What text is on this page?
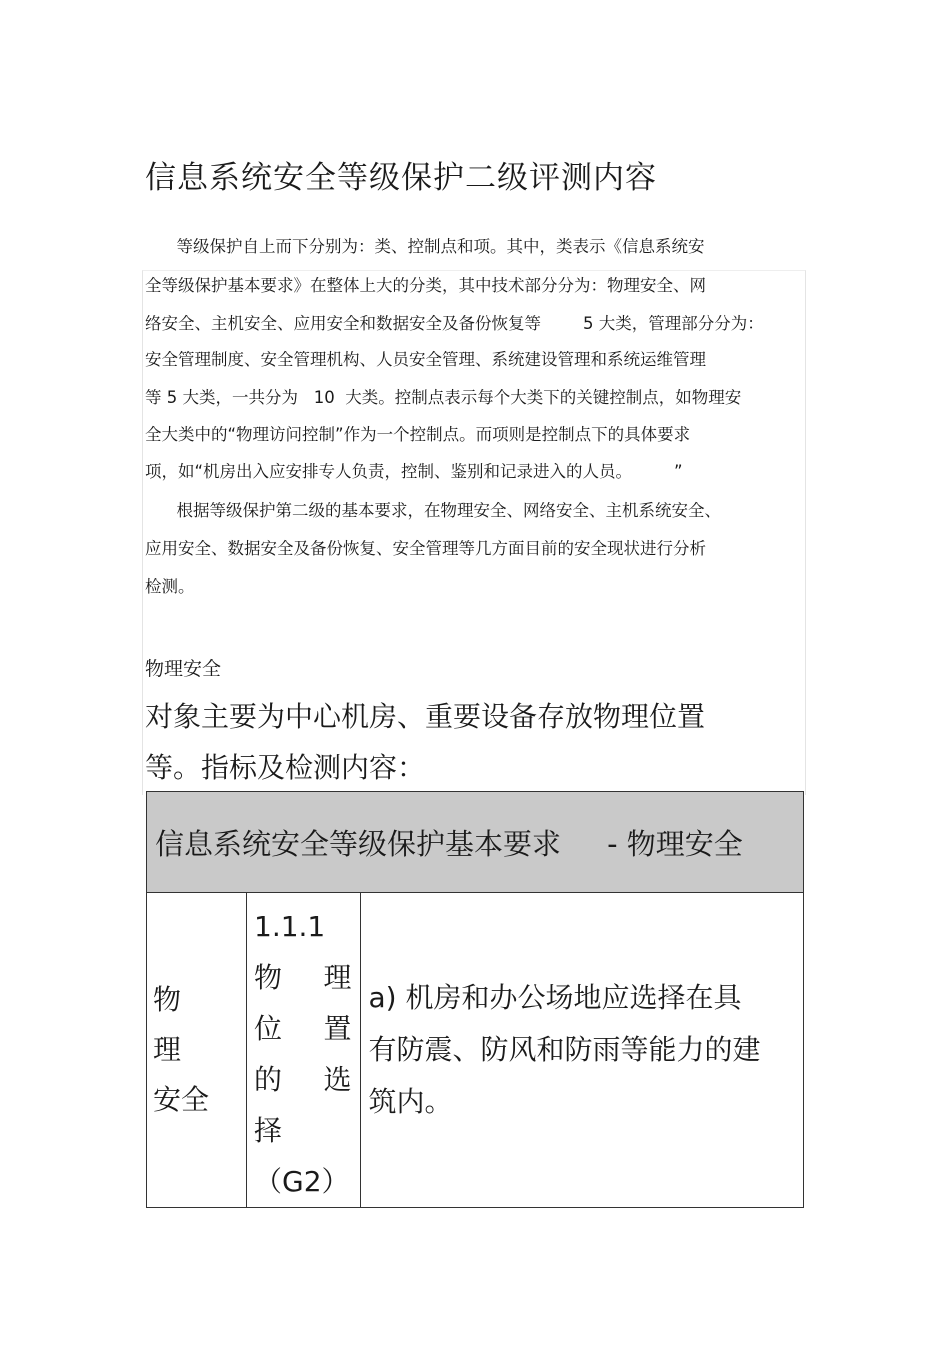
信息系统安全等级保护二级评测内容
等级保护自上而下分别为：类、控制点和项。其中，类表示《信息系统安
全等级保护基本要求》在整体上大的分类，其中技术部分分为：物理安全、网
络安全、主机安全、应用安全和数据安全及备份恢复等        5 大类，管理部分分为：
安全管理制度、安全管理机构、人员安全管理、系统建设管理和系统运维管理
等 5 大类，一共分为   10  大类。控制点表示每个大类下的关键控制点，如物理安
全大类中的“物理访问控制”作为一个控制点。而项则是控制点下的具体要求
项，如“机房出入应安排专人负责，控制、鉴别和记录进入的人员。        ”
根据等级保护第二级的基本要求，在物理安全、网络安全、主机系统安全、
应用安全、数据安全及备份恢复、安全管理等几方面目前的安全现状进行分析
检测。
物理安全
对象主要为中心机房、重要设备存放物理位置
等。指标及检测内容：
信息系统安全等级保护基本要求     - 物理安全

物　理
安全

1.1.1
物　理
位　置
的　选
择
（G2）

a) 机房和办公场地应选择在具
有防震、防风和防雨等能力的建
筑内。
